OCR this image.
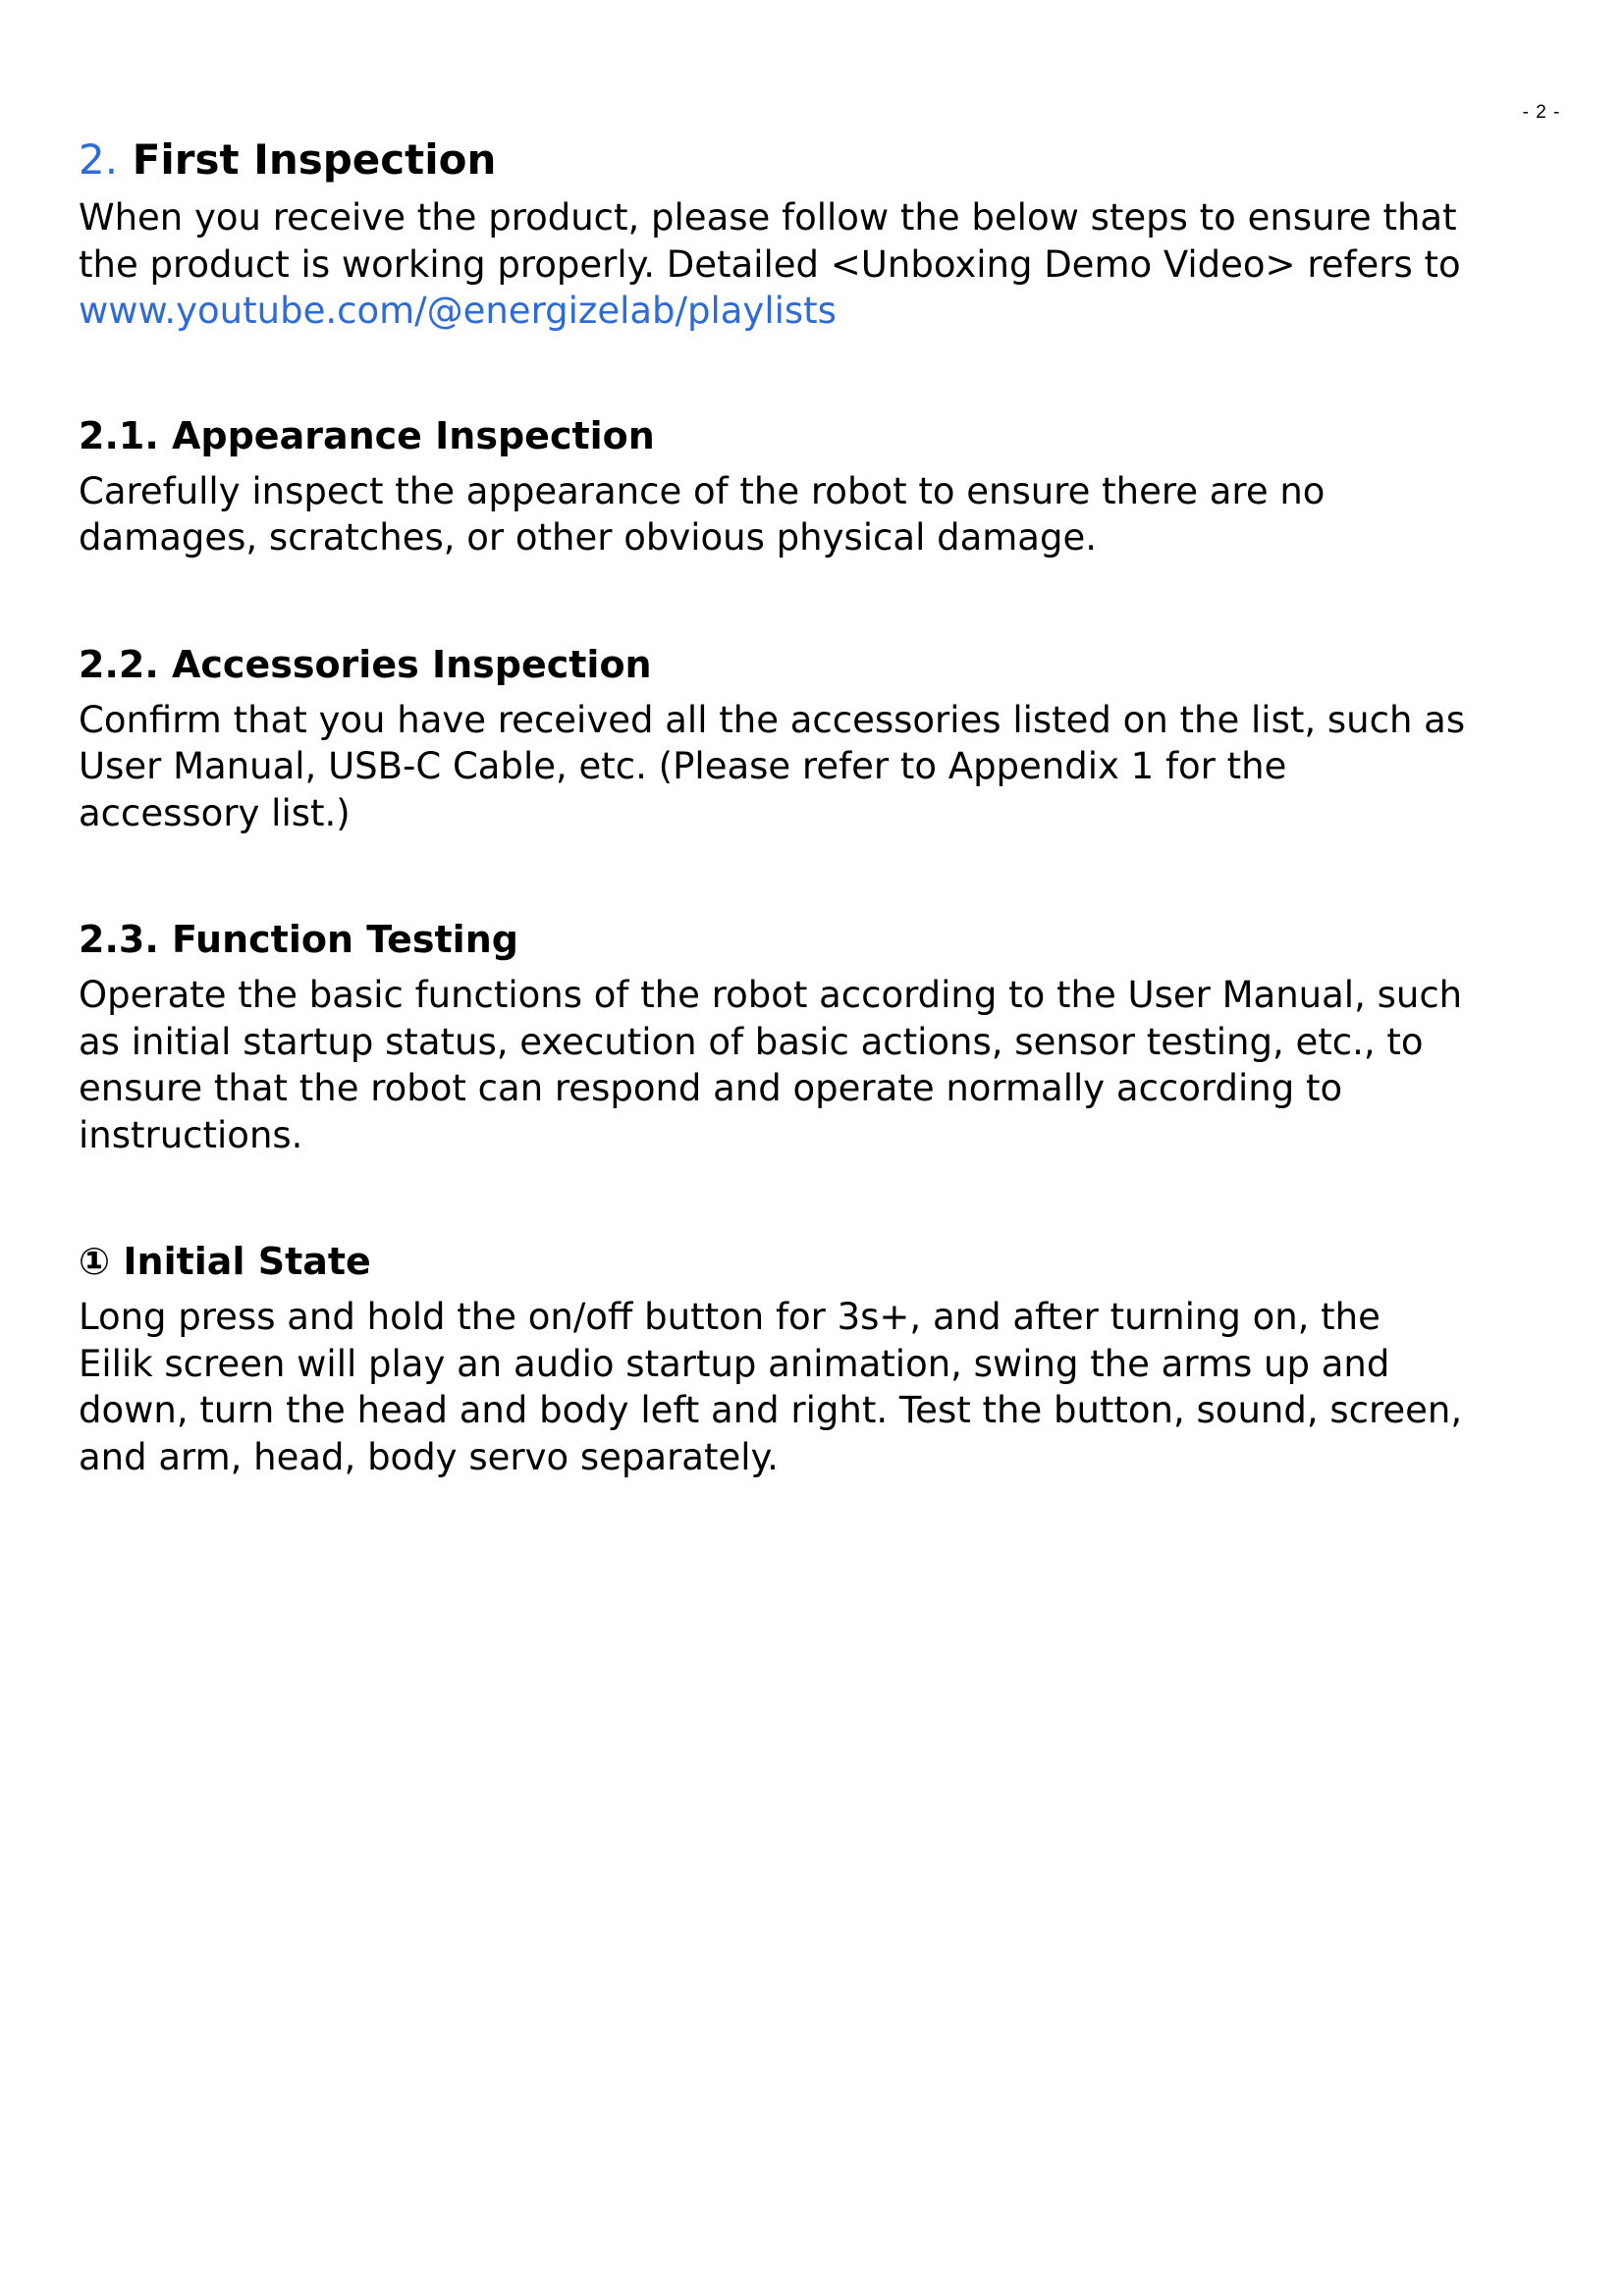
- 2 -
2. First Inspection

When you receive the product, please follow the below steps to ensure that
the product is working properly. Detailed <Unboxing Demo Video> refers to
www.youtube.com/@energizelab/playlists

2.1. Appearance Inspection

Carefully inspect the appearance of the robot to ensure there are no
damages, scratches, or other obvious physical damage.

2.2. Accessories Inspection

Confirm that you have received all the accessories listed on the list, such as
User Manual, USB-C Cable, etc. (Please refer to Appendix 1 for the
accessory list.)

2.3. Function Testing

Operate the basic functions of the robot according to the User Manual, such
as initial startup status, execution of basic actions, sensor testing, etc., to
ensure that the robot can respond and operate normally according to
instructions.

① Initial State

Long press and hold the on/off button for 3s+, and after turning on, the
Eilik screen will play an audio startup animation, swing the arms up and
down, turn the head and body left and right. Test the button, sound, screen,
and arm, head, body servo separately.
